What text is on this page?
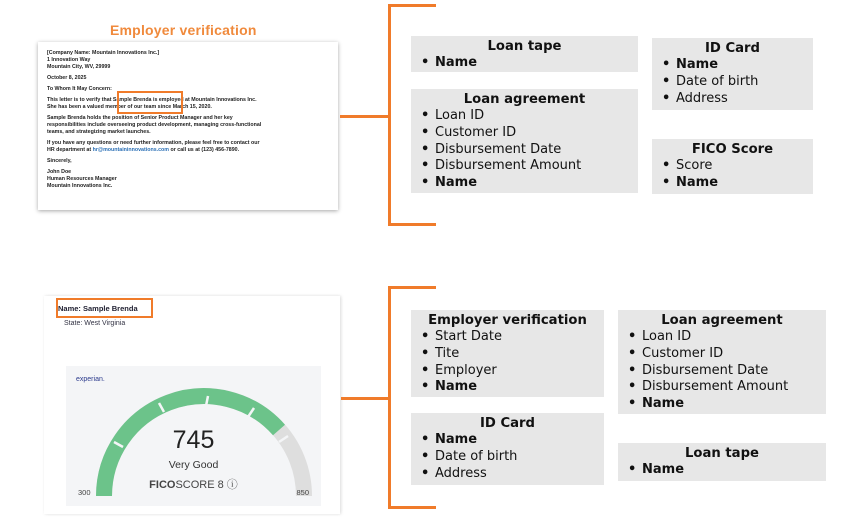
Employer verification
[Company Name: Mountain Innovations Inc.]
1 Innovation Way
Mountain City, WV, 29999
October 8, 2025
To Whom It May Concern:
This letter is to verify that Sample Brenda is employed at Mountain Innovations Inc.
She has been a valued member of our team since March 15, 2020.
Sample Brenda holds the position of Senior Product Manager and her key
responsibilities include overseeing product development, managing cross-functional
teams, and strategizing market launches.
If you have any questions or need further information, please feel free to contact our
HR department at hr@mountaininnovations.com or call us at (123) 456-7890.
Sincerely,
John Doe
Human Resources Manager
Mountain Innovations Inc.
Loan tape
• Name
ID Card
• Name
• Date of birth
• Address
Loan agreement
• Loan ID
• Customer ID
• Disbursement Date
• Disbursement Amount
• Name
FICO Score
• Score
• Name
Name: Sample Brenda
State: West Virginia
experian.
745
Very Good
FICOSCORE 8 ⓘ
300	850
Employer verification
• Start Date
• Tite
• Employer
• Name
Loan agreement
• Loan ID
• Customer ID
• Disbursement Date
• Disbursement Amount
• Name
ID Card
• Name
• Date of birth
• Address
Loan tape
• Name
